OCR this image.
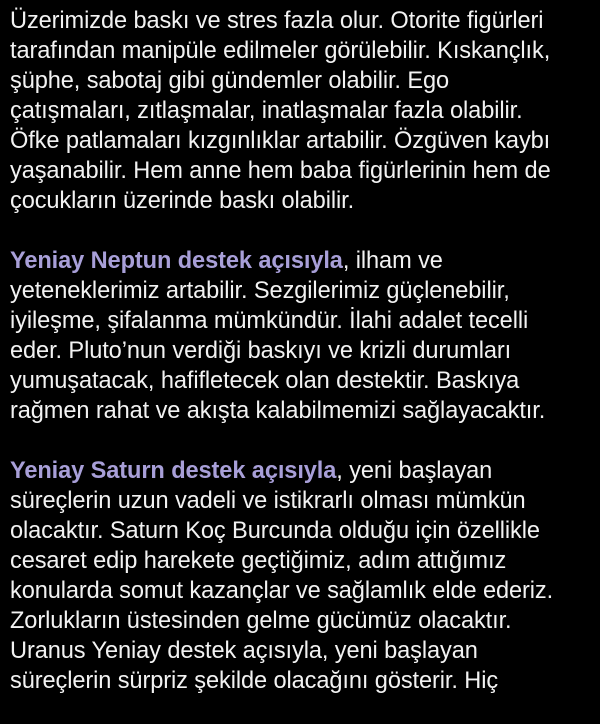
Üzerimizde baskı ve stres fazla olur. Otorite figürleri
tarafından manipüle edilmeler görülebilir. Kıskançlık,
şüphe, sabotaj gibi gündemler olabilir. Ego
çatışmaları, zıtlaşmalar, inatlaşmalar fazla olabilir.
Öfke patlamaları kızgınlıklar artabilir. Özgüven kaybı
yaşanabilir. Hem anne hem baba figürlerinin hem de
çocukların üzerinde baskı olabilir.
Yeniay Neptun destek açısıyla, ilham ve
yeteneklerimiz artabilir. Sezgilerimiz güçlenebilir,
iyileşme, şifalanma mümkündür. İlahi adalet tecelli
eder. Pluto’nun verdiği baskıyı ve krizli durumları
yumuşatacak, hafifletecek olan destektir. Baskıya
rağmen rahat ve akışta kalabilmemizi sağlayacaktır.
Yeniay Saturn destek açısıyla, yeni başlayan
süreçlerin uzun vadeli ve istikrarlı olması mümkün
olacaktır. Saturn Koç Burcunda olduğu için özellikle
cesaret edip harekete geçtiğimiz, adım attığımız
konularda somut kazançlar ve sağlamlık elde ederiz.
Zorlukların üstesinden gelme gücümüz olacaktır.
Uranus Yeniay destek açısıyla, yeni başlayan
süreçlerin sürpriz şekilde olacağını gösterir. Hiç
